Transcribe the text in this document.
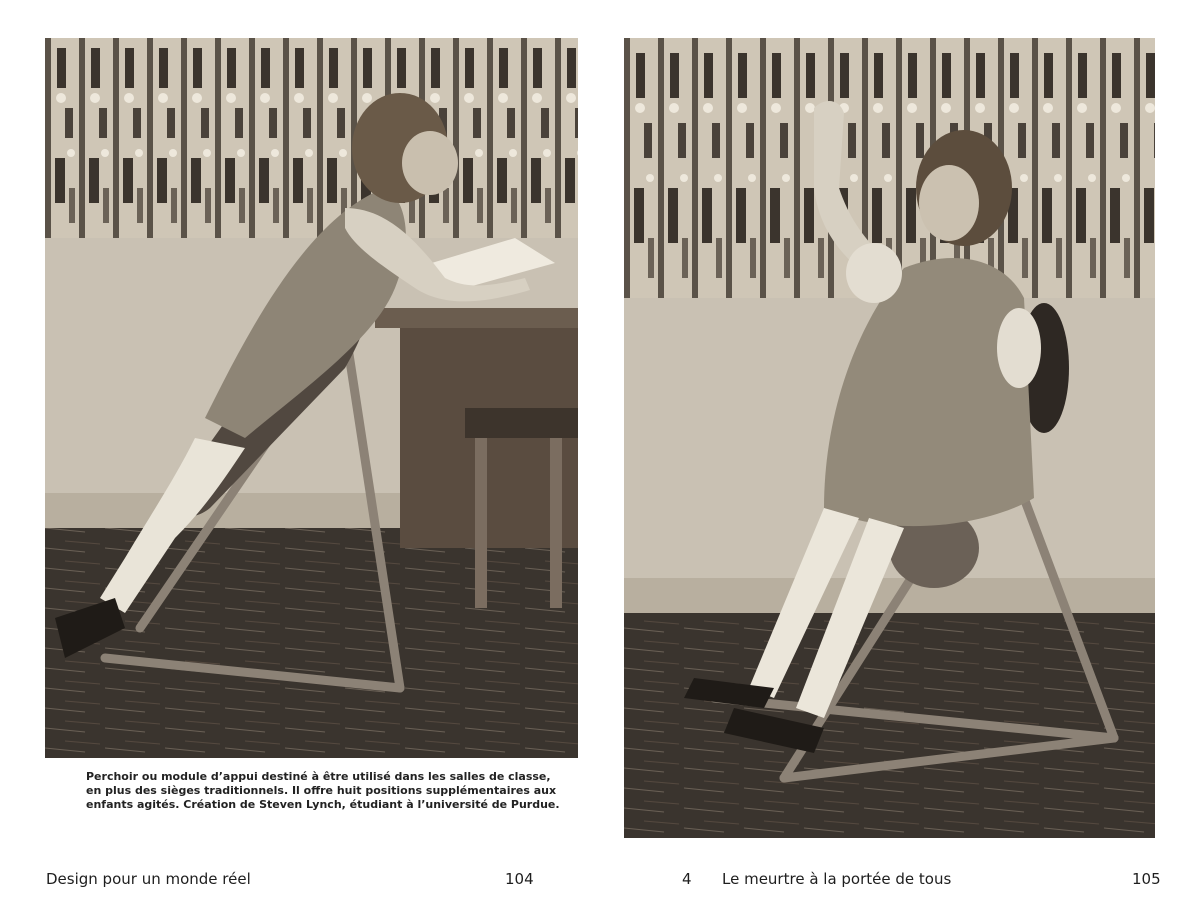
Perchoir ou module d’appui destiné à être utilisé dans les salles de classe,
en plus des sièges traditionnels. Il offre huit positions supplémentaires aux
enfants agités. Création de Steven Lynch, étudiant à l’université de Purdue.
Design pour un monde réel	104	4 Le meurtre à la portée de tous	105
